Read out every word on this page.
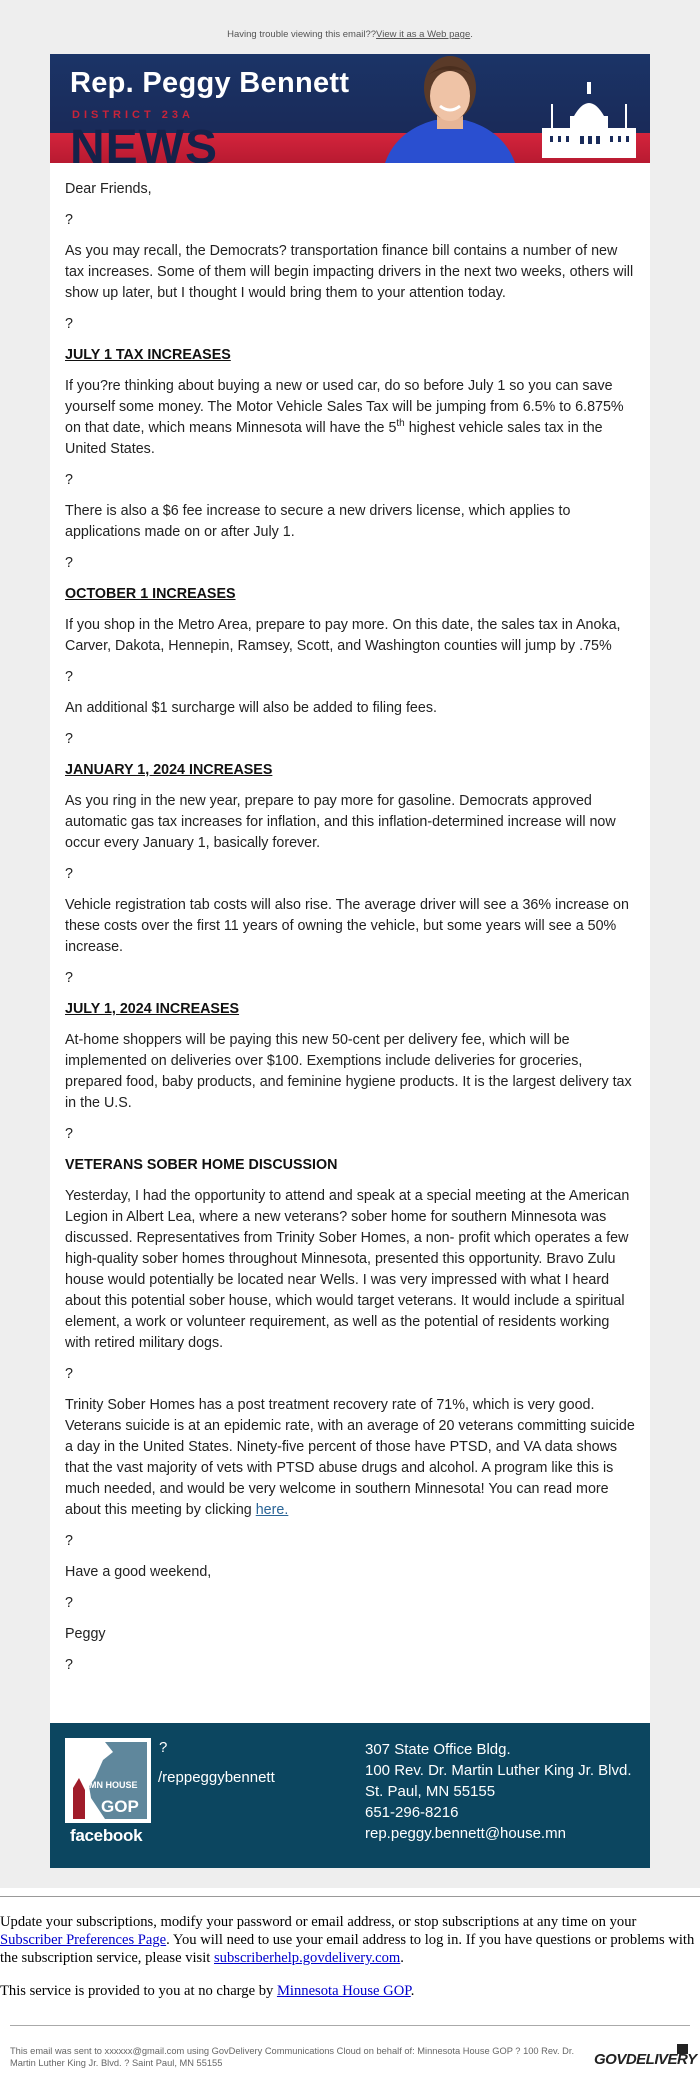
Having trouble viewing this email??View it as a Web page.
Rep. Peggy Bennett
DISTRICT 23A
NEWS

Dear Friends,

?

As you may recall, the Democrats? transportation finance bill contains a number of new tax increases. Some of them will begin impacting drivers in the next two weeks, others will show up later, but I thought I would bring them to your attention today.

?

JULY 1 TAX INCREASES

If you?re thinking about buying a new or used car, do so before July 1 so you can save yourself some money. The Motor Vehicle Sales Tax will be jumping from 6.5% to 6.875% on that date, which means Minnesota will have the 5th highest vehicle sales tax in the United States.

?

There is also a $6 fee increase to secure a new drivers license, which applies to applications made on or after July 1.

?

OCTOBER 1 INCREASES

If you shop in the Metro Area, prepare to pay more. On this date, the sales tax in Anoka, Carver, Dakota, Hennepin, Ramsey, Scott, and Washington counties will jump by .75%

?

An additional $1 surcharge will also be added to filing fees.

?

JANUARY 1, 2024 INCREASES

As you ring in the new year, prepare to pay more for gasoline. Democrats approved automatic gas tax increases for inflation, and this inflation-determined increase will now occur every January 1, basically forever.

?

Vehicle registration tab costs will also rise. The average driver will see a 36% increase on these costs over the first 11 years of owning the vehicle, but some years will see a 50% increase.

?

JULY 1, 2024 INCREASES

At-home shoppers will be paying this new 50-cent per delivery fee, which will be implemented on deliveries over $100. Exemptions include deliveries for groceries, prepared food, baby products, and feminine hygiene products. It is the largest delivery tax in the U.S.

?

VETERANS SOBER HOME DISCUSSION

Yesterday, I had the opportunity to attend and speak at a special meeting at the American Legion in Albert Lea, where a new veterans? sober home for southern Minnesota was discussed. Representatives from Trinity Sober Homes, a non- profit which operates a few high-quality sober homes throughout Minnesota, presented this opportunity. Bravo Zulu house would potentially be located near Wells. I was very impressed with what I heard about this potential sober house, which would target veterans. It would include a spiritual element, a work or volunteer requirement, as well as the potential of residents working with retired military dogs.

?

Trinity Sober Homes has a post treatment recovery rate of 71%, which is very good. Veterans suicide is at an epidemic rate, with an average of 20 veterans committing suicide a day in the United States. Ninety-five percent of those have PTSD, and VA data shows that the vast majority of vets with PTSD abuse drugs and alcohol. A program like this is much needed, and would be very welcome in southern Minnesota! You can read more about this meeting by clicking here.

?

Have a good weekend,

?

Peggy

?

MN HOUSE
GOP
facebook
?
/reppeggybennett
307 State Office Bldg.
100 Rev. Dr. Martin Luther King Jr. Blvd.
St. Paul, MN 55155
651-296-8216
rep.peggy.bennett@house.mn

Update your subscriptions, modify your password or email address, or stop subscriptions at any time on your Subscriber Preferences Page. You will need to use your email address to log in. If you have questions or problems with the subscription service, please visit subscriberhelp.govdelivery.com.

This service is provided to you at no charge by Minnesota House GOP.

This email was sent to xxxxxx@gmail.com using GovDelivery Communications Cloud on behalf of: Minnesota House GOP ? 100 Rev. Dr. Martin Luther King Jr. Blvd. ? Saint Paul, MN 55155	GOVDELIVERY
